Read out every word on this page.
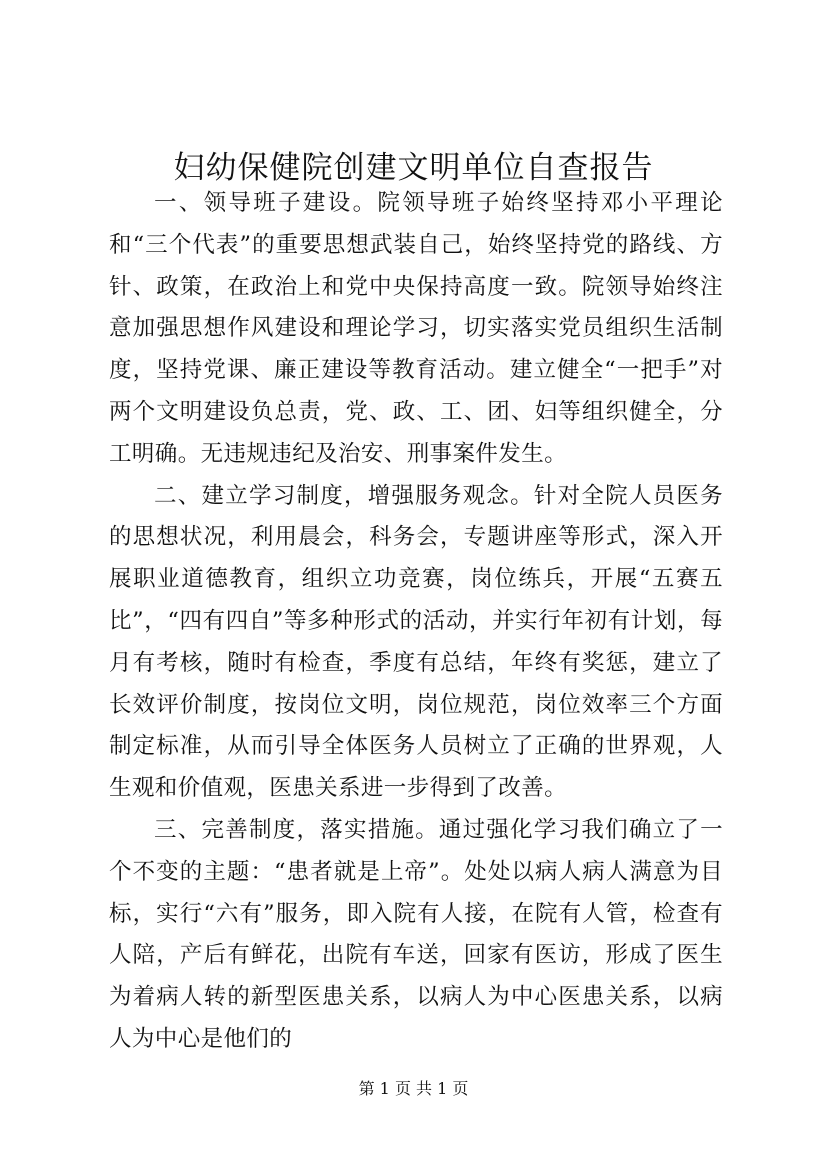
妇幼保健院创建文明单位自查报告

一、领导班子建设。院领导班子始终坚持邓小平理论和“三个代表”的重要思想武装自己，始终坚持党的路线、方针、政策，在政治上和党中央保持高度一致。院领导始终注意加强思想作风建设和理论学习，切实落实党员组织生活制度，坚持党课、廉正建设等教育活动。建立健全“一把手”对两个文明建设负总责，党、政、工、团、妇等组织健全，分工明确。无违规违纪及治安、刑事案件发生。

二、建立学习制度，增强服务观念。针对全院人员医务的思想状况，利用晨会，科务会，专题讲座等形式，深入开展职业道德教育，组织立功竞赛，岗位练兵，开展“五赛五比”，“四有四自”等多种形式的活动，并实行年初有计划，每月有考核，随时有检查，季度有总结，年终有奖惩，建立了长效评价制度，按岗位文明，岗位规范，岗位效率三个方面制定标准，从而引导全体医务人员树立了正确的世界观，人生观和价值观，医患关系进一步得到了改善。

三、完善制度，落实措施。通过强化学习我们确立了一个不变的主题：“患者就是上帝”。处处以病人病人满意为目标，实行“六有”服务，即入院有人接，在院有人管，检查有人陪，产后有鲜花，出院有车送，回家有医访，形成了医生为着病人转的新型医患关系，以病人为中心医患关系，以病人为中心是他们的

第 1 页 共 1 页
